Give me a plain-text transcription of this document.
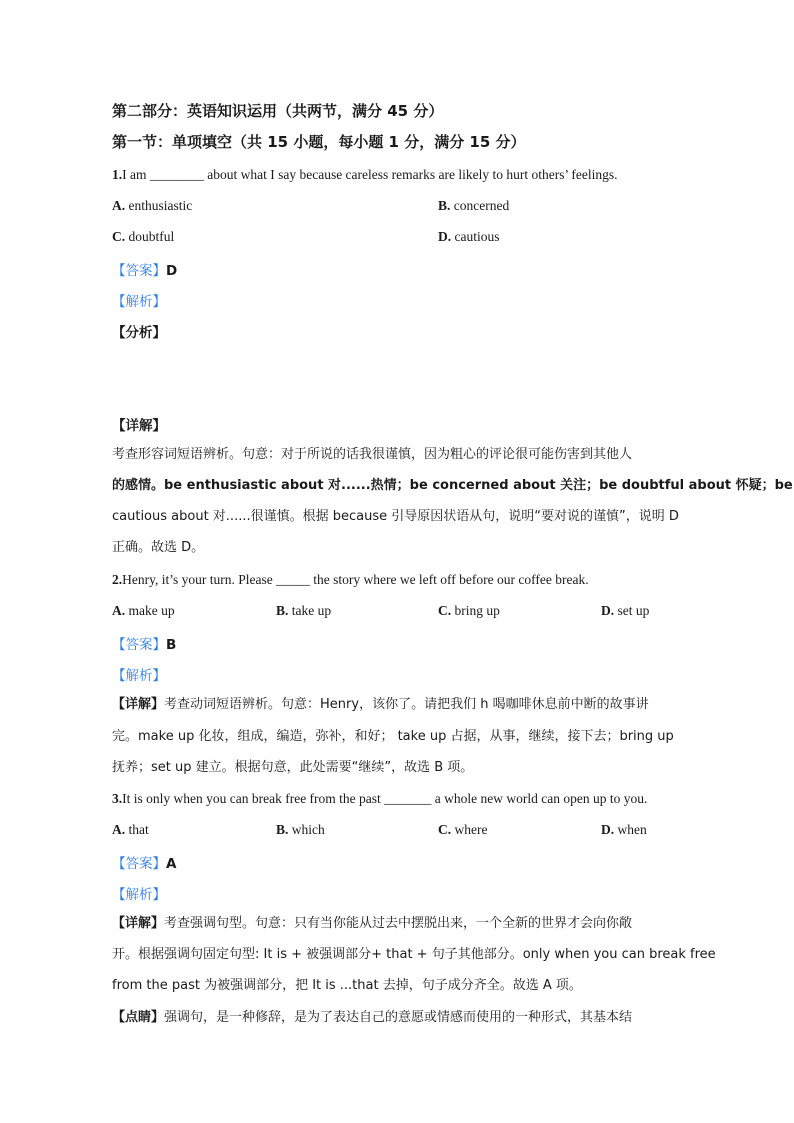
第二部分：英语知识运用（共两节，满分 45 分）
第一节：单项填空（共 15 小题，每小题 1 分，满分 15 分）
1.I am ________ about what I say because careless remarks are likely to hurt others’ feelings.
A. enthusiastic	B. concerned
C. doubtful	D. cautious
【答案】D
【解析】
【分析】
【详解】
考查形容词短语辨析。句意：对于所说的话我很谨慎，因为粗心的评论很可能伤害到其他人
的感情。be enthusiastic about 对......热情；be concerned about 关注；be doubtful about 怀疑；be
cautious about 对......很谨慎。根据 because 引导原因状语从句，说明“要对说的谨慎”，说明 D
正确。故选 D。
2.Henry, it’s your turn. Please _____ the story where we left off before our coffee break.
A. make up	B. take up	C. bring up	D. set up
【答案】B
【解析】
【详解】考查动词短语辨析。句意：Henry，该你了。请把我们 h 喝咖啡休息前中断的故事讲
完。make up 化妆，组成，编造，弥补，和好； take up 占据，从事，继续，接下去；bring up
抚养；set up 建立。根据句意，此处需要“继续”，故选 B 项。
3.It is only when you can break free from the past _______ a whole new world can open up to you.
A. that	B. which	C. where	D. when
【答案】A
【解析】
【详解】考查强调句型。句意：只有当你能从过去中摆脱出来，一个全新的世界才会向你敞
开。根据强调句固定句型: It is + 被强调部分+ that + 句子其他部分。only when you can break free
from the past 为被强调部分，把 It is ...that 去掉，句子成分齐全。故选 A 项。
【点睛】强调句，是一种修辞，是为了表达自己的意愿或情感而使用的一种形式，其基本结
